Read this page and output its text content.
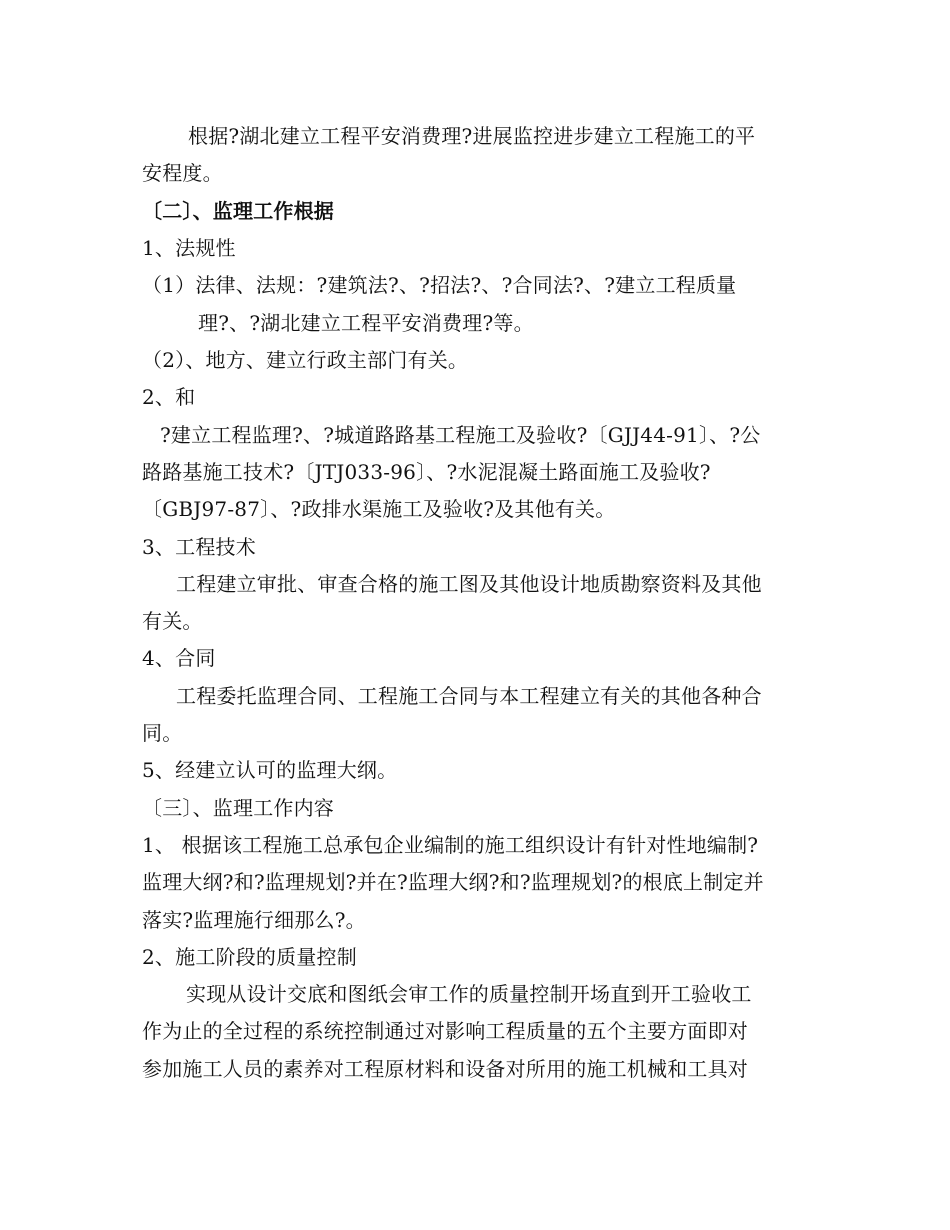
根据?湖北建立工程平安消费理?进展监控进步建立工程施工的平
安程度。
〔二〕、监理工作根据
1、法规性
（1）法律、法规：?建筑法?、?招法?、?合同法?、?建立工程质量
理?、?湖北建立工程平安消费理?等。
（2）、地方、建立行政主部门有关。
2、和
?建立工程监理?、?城道路路基工程施工及验收?〔GJJ44-91〕、?公
路路基施工技术?〔JTJ033-96〕、?水泥混凝土路面施工及验收?
〔GBJ97-87〕、?政排水渠施工及验收?及其他有关。
3、工程技术
工程建立审批、审查合格的施工图及其他设计地质勘察资料及其他
有关。
4、合同
工程委托监理合同、工程施工合同与本工程建立有关的其他各种合
同。
5、经建立认可的监理大纲。
〔三〕、监理工作内容
1、 根据该工程施工总承包企业编制的施工组织设计有针对性地编制?
监理大纲?和?监理规划?并在?监理大纲?和?监理规划?的根底上制定并
落实?监理施行细那么?。
2、施工阶段的质量控制
实现从设计交底和图纸会审工作的质量控制开场直到开工验收工
作为止的全过程的系统控制通过对影响工程质量的五个主要方面即对
参加施工人员的素养对工程原材料和设备对所用的施工机械和工具对
